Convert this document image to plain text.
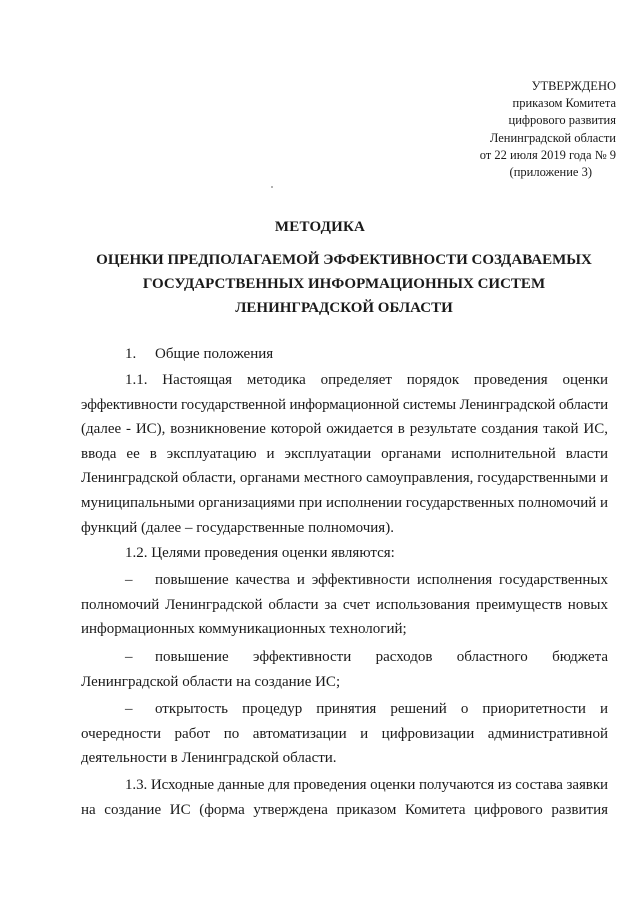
УТВЕРЖДЕНО
приказом Комитета
цифрового развития
Ленинградской области
от 22 июля 2019 года № 9
(приложение 3)
МЕТОДИКА
ОЦЕНКИ ПРЕДПОЛАГАЕМОЙ ЭФФЕКТИВНОСТИ СОЗДАВАЕМЫХ
ГОСУДАРСТВЕННЫХ ИНФОРМАЦИОННЫХ СИСТЕМ
ЛЕНИНГРАДСКОЙ ОБЛАСТИ
1. Общие положения
1.1. Настоящая методика определяет порядок проведения оценки
эффективности государственной информационной системы Ленинградской области
(далее - ИС), возникновение которой ожидается в результате создания такой ИС,
ввода ее в эксплуатацию и эксплуатации органами исполнительной власти
Ленинградской области, органами местного самоуправления, государственными и
муниципальными организациями при исполнении государственных полномочий и
функций (далее – государственные полномочия).
1.2. Целями проведения оценки являются:
– повышение качества и эффективности исполнения государственных
полномочий Ленинградской области за счет использования преимуществ новых
информационных коммуникационных технологий;
– повышение эффективности расходов областного бюджета
Ленинградской области на создание ИС;
– открытость процедур принятия решений о приоритетности и
очередности работ по автоматизации и цифровизации административной
деятельности в Ленинградской области.
1.3. Исходные данные для проведения оценки получаются из состава заявки
на создание ИС (форма утверждена приказом Комитета цифрового развития
